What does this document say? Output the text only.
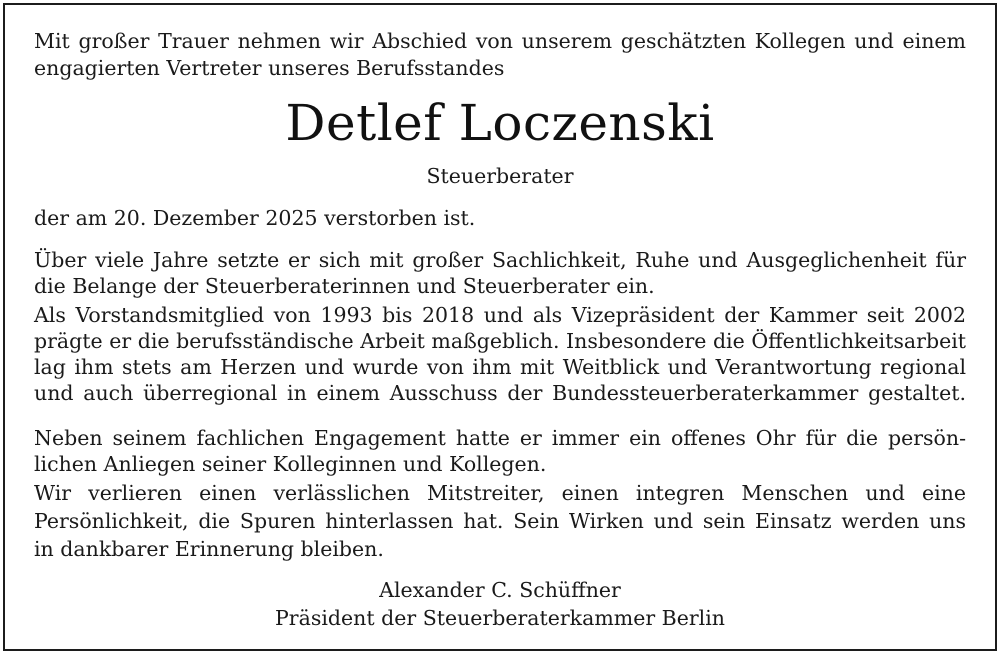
Mit großer Trauer nehmen wir Abschied von unserem geschätzten Kollegen und einem
engagierten Vertreter unseres Berufsstandes
Detlef Loczenski
Steuerberater
der am 20. Dezember 2025 verstorben ist.
Über viele Jahre setzte er sich mit großer Sachlichkeit, Ruhe und Ausgeglichenheit für
die Belange der Steuerberaterinnen und Steuerberater ein.
Als Vorstandsmitglied von 1993 bis 2018 und als Vizepräsident der Kammer seit 2002
prägte er die berufsständische Arbeit maßgeblich. Insbesondere die Öffentlichkeitsarbeit
lag ihm stets am Herzen und wurde von ihm mit Weitblick und Verantwortung regional
und auch überregional in einem Ausschuss der Bundessteuerberaterkammer gestaltet.
Neben seinem fachlichen Engagement hatte er immer ein offenes Ohr für die persön-
lichen Anliegen seiner Kolleginnen und Kollegen.
Wir verlieren einen verlässlichen Mitstreiter, einen integren Menschen und eine
Persönlichkeit, die Spuren hinterlassen hat. Sein Wirken und sein Einsatz werden uns
in dankbarer Erinnerung bleiben.
Alexander C. Schüffner
Präsident der Steuerberaterkammer Berlin
